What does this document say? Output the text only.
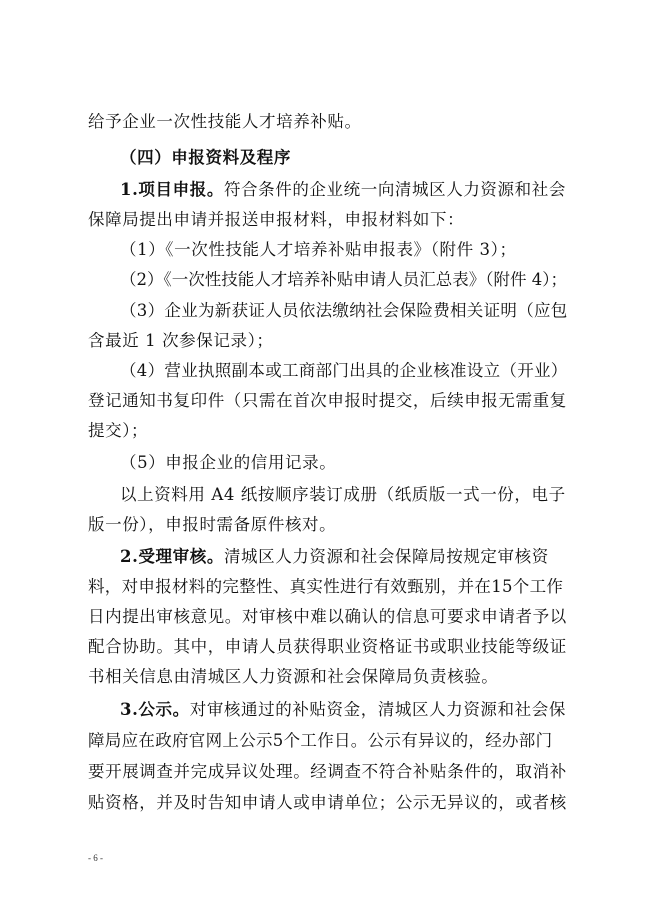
给予企业一次性技能人才培养补贴。
（四）申报资料及程序
1.项目申报。符合条件的企业统一向清城区人力资源和社会
保障局提出申请并报送申报材料，申报材料如下：
（1）《一次性技能人才培养补贴申报表》（附件 3）；
（2）《一次性技能人才培养补贴申请人员汇总表》（附件 4）；
（3）企业为新获证人员依法缴纳社会保险费相关证明（应包
含最近 1 次参保记录）；
（4）营业执照副本或工商部门出具的企业核准设立（开业）
登记通知书复印件（只需在首次申报时提交，后续申报无需重复
提交）；
（5）申报企业的信用记录。
以上资料用 A4 纸按顺序装订成册（纸质版一式一份，电子
版一份），申报时需备原件核对。
2.受理审核。清城区人力资源和社会保障局按规定审核资
料，对申报材料的完整性、真实性进行有效甄别，并在15个工作
日内提出审核意见。对审核中难以确认的信息可要求申请者予以
配合协助。其中，申请人员获得职业资格证书或职业技能等级证
书相关信息由清城区人力资源和社会保障局负责核验。
3.公示。对审核通过的补贴资金，清城区人力资源和社会保
障局应在政府官网上公示5个工作日。公示有异议的，经办部门
要开展调查并完成异议处理。经调查不符合补贴条件的，取消补
贴资格，并及时告知申请人或申请单位；公示无异议的，或者核
- 6 -
